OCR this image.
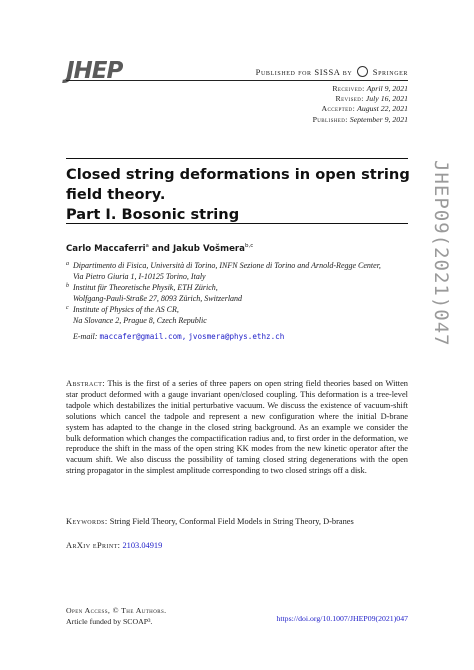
JHEP	Published for SISSA by Springer
Received: April 9, 2021
Revised: July 16, 2021
Accepted: August 22, 2021
Published: September 9, 2021
JHEP09(2021)047
Closed string deformations in open string field theory.
Part I. Bosonic string
Carlo Maccaferri$^a$ and Jakub Vošmera$^{b,c}$
a Dipartimento di Fisica, Università di Torino, INFN Sezione di Torino and Arnold-Regge Center,
Via Pietro Giuria 1, I-10125 Torino, Italy
b Institut für Theoretische Physik, ETH Zürich,
Wolfgang-Pauli-Straße 27, 8093 Zürich, Switzerland
c Institute of Physics of the AS CR,
Na Slovance 2, Prague 8, Czech Republic
E-mail: maccafer@gmail.com, jvosmera@phys.ethz.ch
Abstract: This is the first of a series of three papers on open string field theories based on Witten star product deformed with a gauge invariant open/closed coupling. This deformation is a tree-level tadpole which destabilizes the initial perturbative vacuum. We discuss the existence of vacuum-shift solutions which cancel the tadpole and represent a new configuration where the initial D-brane system has adapted to the change in the closed string background. As an example we consider the bulk deformation which changes the compactification radius and, to first order in the deformation, we reproduce the shift in the mass of the open string KK modes from the new kinetic operator after the vacuum shift. We also discuss the possibility of taming closed string degenerations with the open string propagator in the simplest amplitude corresponding to two closed strings off a disk.
Keywords: String Field Theory, Conformal Field Models in String Theory, D-branes
ArXiv ePrint: 2103.04919
Open Access, © The Authors.
Article funded by SCOAP³.	https://doi.org/10.1007/JHEP09(2021)047
